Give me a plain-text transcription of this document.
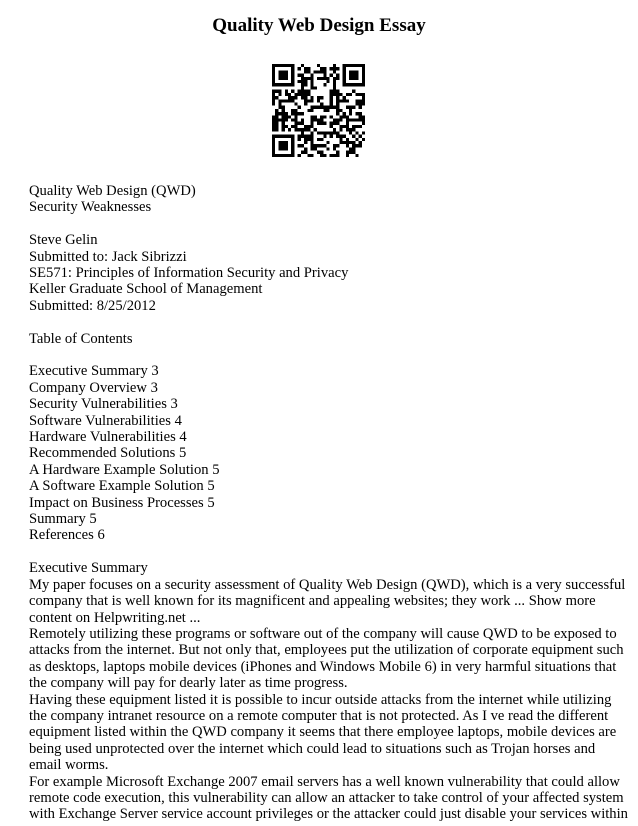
Quality Web Design Essay
Quality Web Design (QWD)
Security Weaknesses
Steve Gelin
Submitted to: Jack Sibrizzi
SE571: Principles of Information Security and Privacy
Keller Graduate School of Management
Submitted: 8/25/2012
Table of Contents
Executive Summary 3
Company Overview 3
Security Vulnerabilities 3
Software Vulnerabilities 4
Hardware Vulnerabilities 4
Recommended Solutions 5
A Hardware Example Solution 5
A Software Example Solution 5
Impact on Business Processes 5
Summary 5
References 6
Executive Summary
My paper focuses on a security assessment of Quality Web Design (QWD), which is a very successful
company that is well known for its magnificent and appealing websites; they work ... Show more
content on Helpwriting.net ...
Remotely utilizing these programs or software out of the company will cause QWD to be exposed to
attacks from the internet. But not only that, employees put the utilization of corporate equipment such
as desktops, laptops mobile devices (iPhones and Windows Mobile 6) in very harmful situations that
the company will pay for dearly later as time progress.
Having these equipment listed it is possible to incur outside attacks from the internet while utilizing
the company intranet resource on a remote computer that is not protected. As I ve read the different
equipment listed within the QWD company it seems that there employee laptops, mobile devices are
being used unprotected over the internet which could lead to situations such as Trojan horses and
email worms.
For example Microsoft Exchange 2007 email servers has a well known vulnerability that could allow
remote code execution, this vulnerability can allow an attacker to take control of your affected system
with Exchange Server service account privileges or the attacker could just disable your services within
